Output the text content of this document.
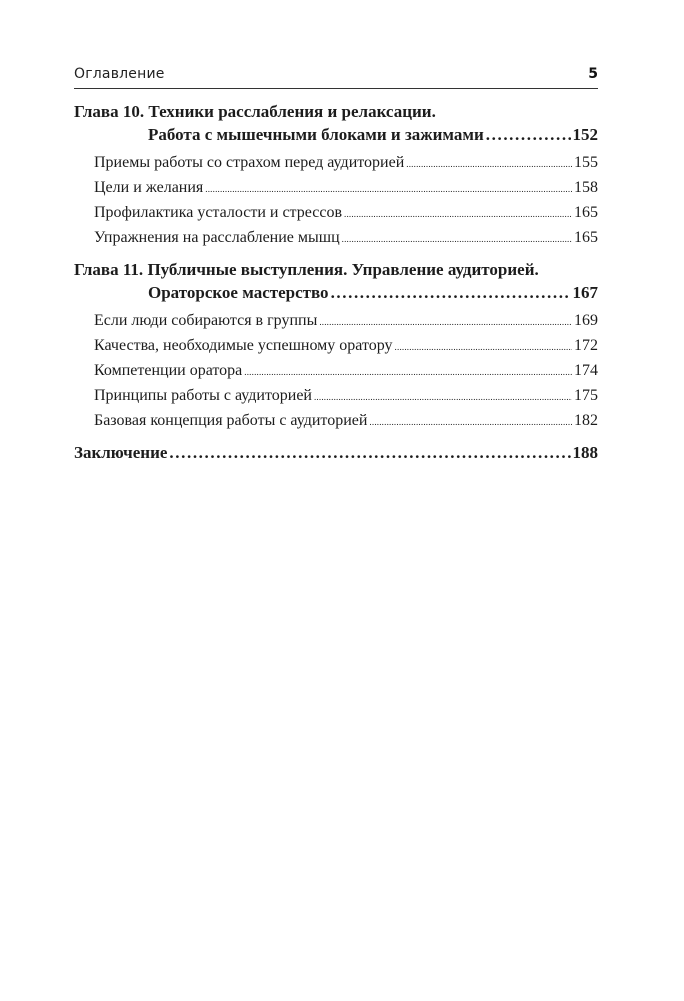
Оглавление	5
Глава 10. Техники расслабления и релаксации.
Работа с мышечными блоками и зажимами .....	152
Приемы работы со страхом перед аудиторией .....	155
Цели и желания .....	158
Профилактика усталости и стрессов .....	165
Упражнения на расслабление мышц .....	165
Глава 11. Публичные выступления. Управление аудиторией.
Ораторское мастерство .....	167
Если люди собираются в группы .....	169
Качества, необходимые успешному оратору .....	172
Компетенции оратора .....	174
Принципы работы с аудиторией .....	175
Базовая концепция работы с аудиторией .....	182
Заключение .....	188
